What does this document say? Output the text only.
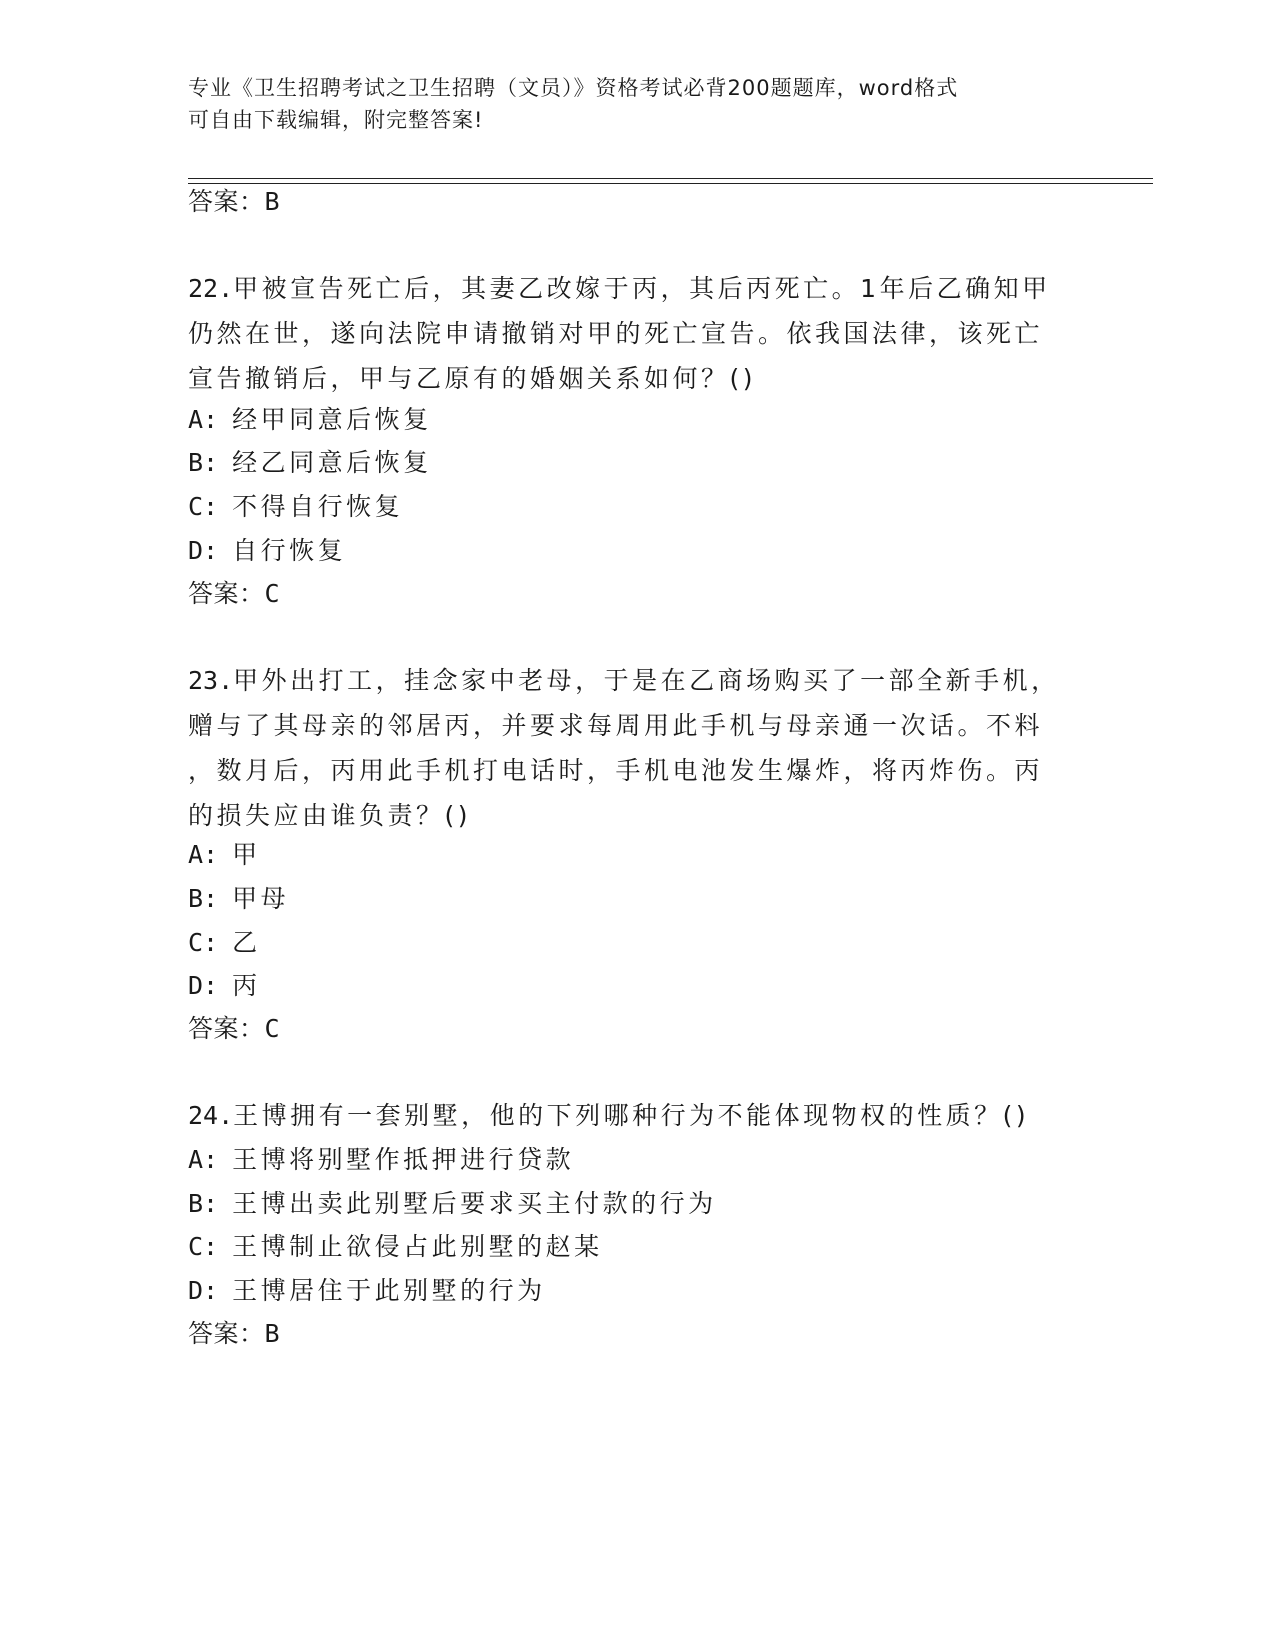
专业《卫生招聘考试之卫生招聘（文员）》资格考试必背200题题库，word格式
可自由下载编辑，附完整答案!
答案：B
22.甲被宣告死亡后，其妻乙改嫁于丙，其后丙死亡。1年后乙确知甲
仍然在世，遂向法院申请撤销对甲的死亡宣告。依我国法律，该死亡
宣告撤销后，甲与乙原有的婚姻关系如何？()
A: 经甲同意后恢复
B: 经乙同意后恢复
C: 不得自行恢复
D: 自行恢复
答案：C
23.甲外出打工，挂念家中老母，于是在乙商场购买了一部全新手机，
赠与了其母亲的邻居丙，并要求每周用此手机与母亲通一次话。不料
，数月后，丙用此手机打电话时，手机电池发生爆炸，将丙炸伤。丙
的损失应由谁负责？()
A: 甲
B: 甲母
C: 乙
D: 丙
答案：C
24.王博拥有一套别墅，他的下列哪种行为不能体现物权的性质？()
A: 王博将别墅作抵押进行贷款
B: 王博出卖此别墅后要求买主付款的行为
C: 王博制止欲侵占此别墅的赵某
D: 王博居住于此别墅的行为
答案：B
